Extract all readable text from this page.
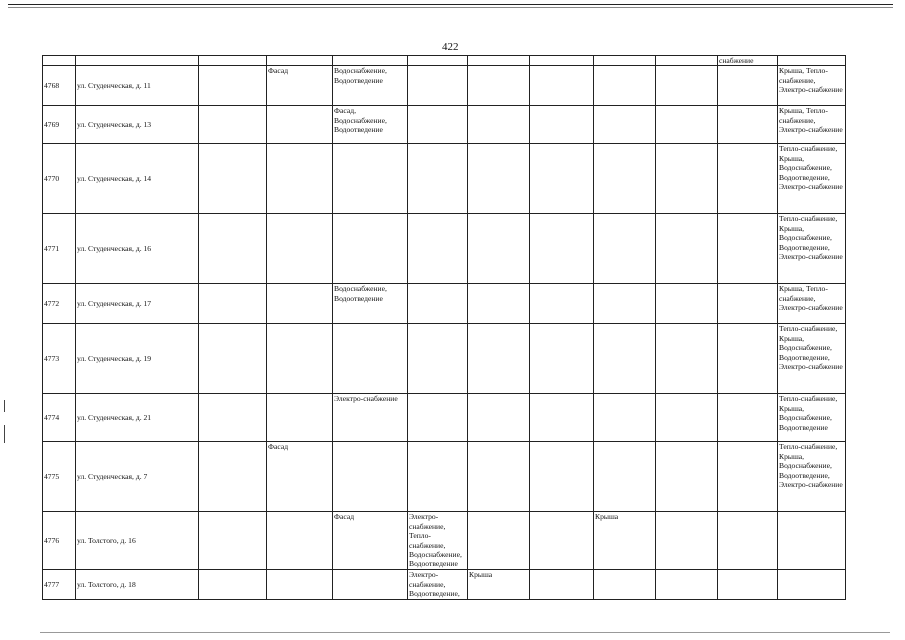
422
										снабжение	
4768	ул. Студенческая, д. 11		Фасад	Водоснабжение, Водоотведение							Крыша, Тепло-снабжение, Электро-снабжение
4769	ул. Студенческая, д. 13			Фасад, Водоснабжение, Водоотведение							Крыша, Тепло-снабжение, Электро-снабжение
4770	ул. Студенческая, д. 14										Тепло-снабжение, Крыша, Водоснабжение, Водоотведение, Электро-снабжение
4771	ул. Студенческая, д. 16										Тепло-снабжение, Крыша, Водоснабжение, Водоотведение, Электро-снабжение
4772	ул. Студенческая, д. 17			Водоснабжение, Водоотведение							Крыша, Тепло-снабжение, Электро-снабжение
4773	ул. Студенческая, д. 19										Тепло-снабжение, Крыша, Водоснабжение, Водоотведение, Электро-снабжение
4774	ул. Студенческая, д. 21			Электро-снабжение							Тепло-снабжение, Крыша, Водоснабжение, Водоотведение
4775	ул. Студенческая, д. 7		Фасад								Тепло-снабжение, Крыша, Водоснабжение, Водоотведение, Электро-снабжение
4776	ул. Толстого, д. 16			Фасад	Электро-снабжение, Тепло-снабжение, Водоснабжение, Водоотведение			Крыша			
4777	ул. Толстого, д. 18				Электро-снабжение, Водоотведение,	Крыша					
